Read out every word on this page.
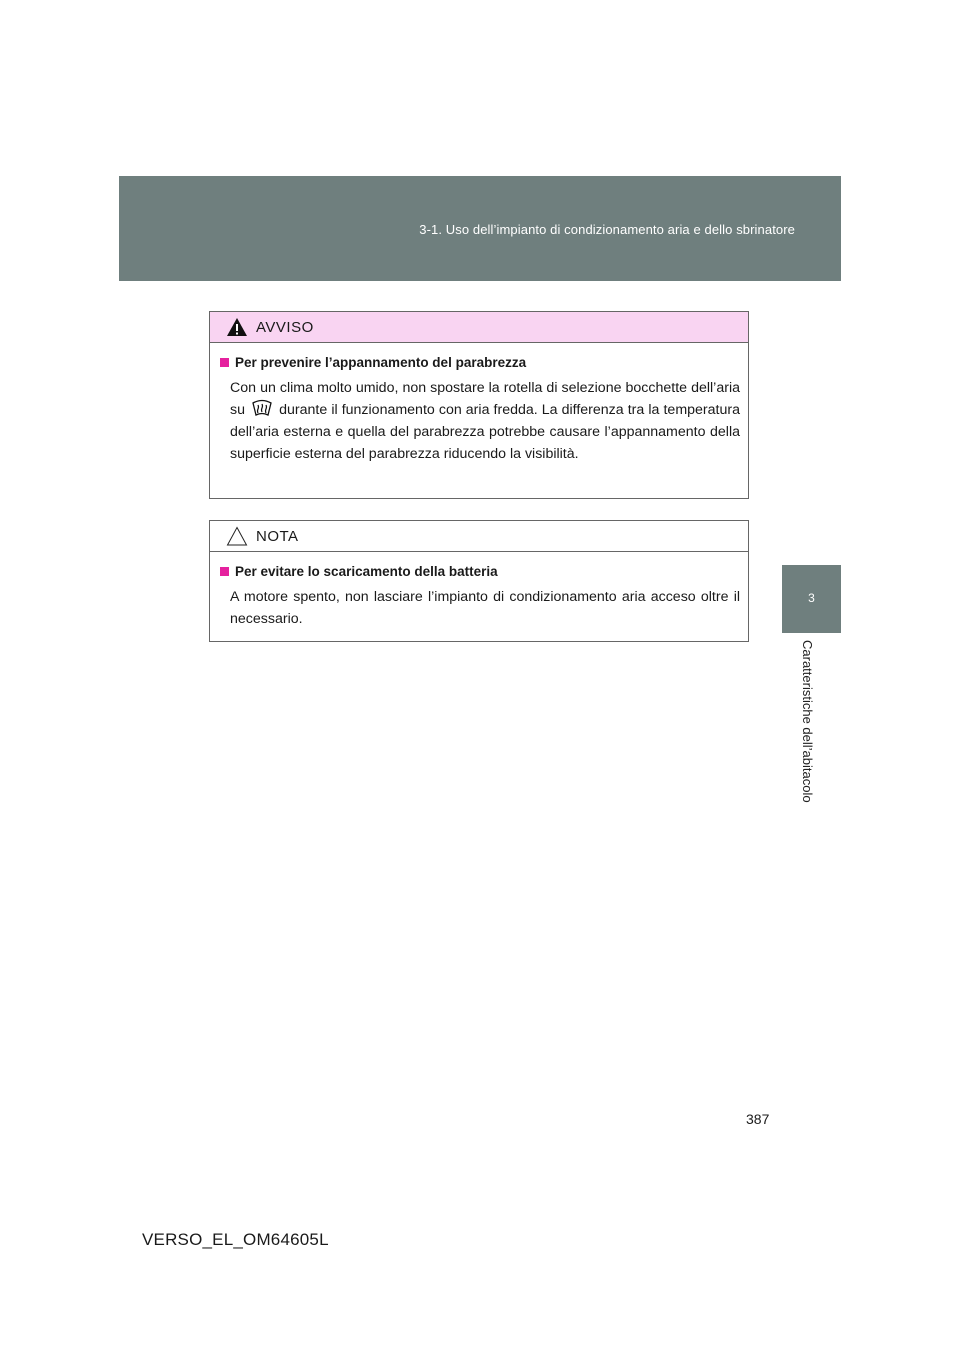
3-1. Uso dell’impianto di condizionamento aria e dello sbrinatore
3
Caratteristiche dell’abitacolo
AVVISO
Per prevenire l’appannamento del parabrezza

Con un clima molto umido, non spostare la rotella di selezione bocchette dell’aria su durante il funzionamento con aria fredda. La differenza tra la temperatura dell’aria esterna e quella del parabrezza potrebbe causare l’appannamento della superficie esterna del parabrezza riducendo la visibilità.

NOTA
Per evitare lo scaricamento della batteria

A motore spento, non lasciare l’impianto di condizionamento aria acceso oltre il necessario.

387
VERSO_EL_OM64605L
